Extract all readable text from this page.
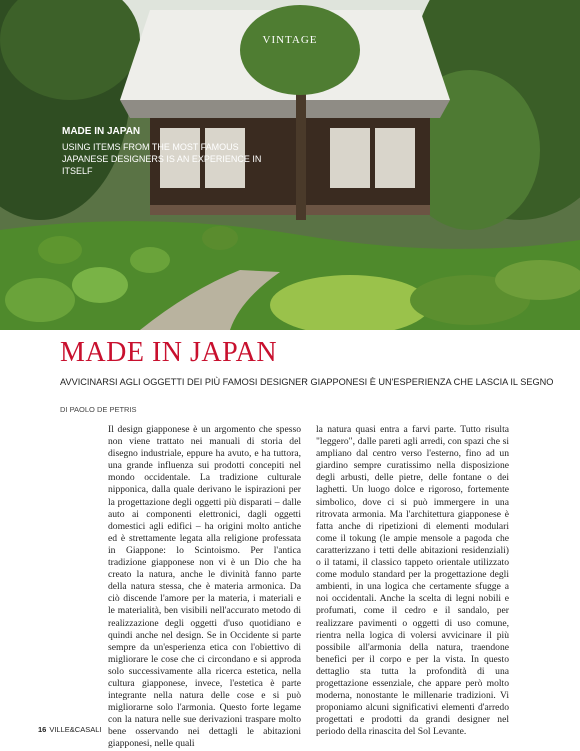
VINTAGE
MADE IN JAPAN
USING ITEMS FROM THE MOST FAMOUS JAPANESE DESIGNERS IS AN EXPERIENCE IN ITSELF
MADE IN JAPAN
AVVICINARSI AGLI OGGETTI DEI PIÙ FAMOSI DESIGNER GIAPPONESI È UN'ESPERIENZA CHE LASCIA IL SEGNO
DI PAOLO DE PETRIS
Il design giapponese è un argomento che spesso non viene trattato nei manuali di storia del disegno industriale, eppure ha avuto, e ha tuttora, una grande influenza sui prodotti concepiti nel mondo occidentale. La tradizione culturale nipponica, dalla quale derivano le ispirazioni per la progettazione degli oggetti più disparati – dalle auto ai componenti elettronici, dagli oggetti domestici agli edifici – ha origini molto antiche ed è strettamente legata alla religione professata in Giappone: lo Scintoismo. Per l'antica tradizione giapponese non vi è un Dio che ha creato la natura, anche le divinità fanno parte della natura stessa, che è materia armonica. Da ciò discende l'amore per la materia, i materiali e le materialità, ben visibili nell'accurato metodo di realizzazione degli oggetti d'uso quotidiano e quindi anche nel design. Se in Occidente si parte sempre da un'esperienza etica con l'obiettivo di migliorare le cose che ci circondano e si approda solo successivamente alla ricerca estetica, nella cultura giapponese, invece, l'estetica è parte integrante nella natura delle cose e si può migliorarne solo l'armonia. Questo forte legame con la natura nelle sue derivazioni traspare molto bene osservando nei dettagli le abitazioni giapponesi, nelle quali
la natura quasi entra a farvi parte. Tutto risulta "leggero", dalle pareti agli arredi, con spazi che si ampliano dal centro verso l'esterno, fino ad un giardino sempre curatissimo nella disposizione degli arbusti, delle pietre, delle fontane o dei laghetti. Un luogo dolce e rigoroso, fortemente simbolico, dove ci si può immergere in una ritrovata armonia. Ma l'architettura giapponese è fatta anche di ripetizioni di elementi modulari come il tokung (le ampie mensole a pagoda che caratterizzano i tetti delle abitazioni residenziali) o il tatami, il classico tappeto orientale utilizzato come modulo standard per la progettazione degli ambienti, in una logica che certamente sfugge a noi occidentali. Anche la scelta di legni nobili e profumati, come il cedro e il sandalo, per realizzare pavimenti o oggetti di uso comune, rientra nella logica di volersi avvicinare il più possibile all'armonia della natura, traendone benefici per il corpo e per la vista. In questo dettaglio sta tutta la profondità di una progettazione essenziale, che appare però molto moderna, nonostante le millenarie tradizioni. Vi proponiamo alcuni significativi elementi d'arredo progettati e prodotti da grandi designer nel periodo della rinascita del Sol Levante.
16 VILLE&CASALI
